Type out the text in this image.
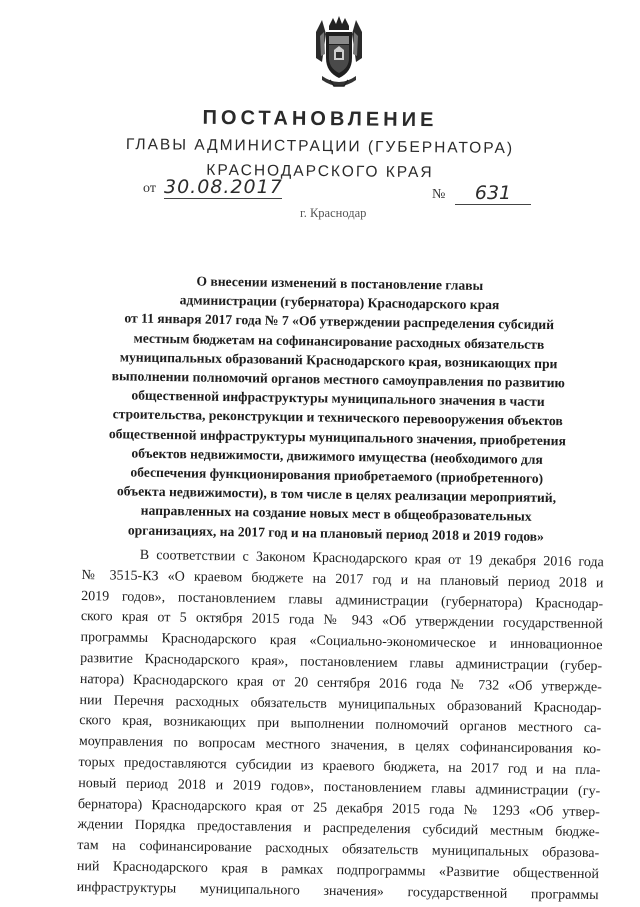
ПОСТАНОВЛЕНИЕ
ГЛАВЫ АДМИНИСТРАЦИИ (ГУБЕРНАТОРА)
КРАСНОДАРСКОГО КРАЯ
от 30.08.2017	№	631
г. Краснодар
О внесении изменений в постановление главы
администрации (губернатора) Краснодарского края
от 11 января 2017 года № 7 «Об утверждении распределения субсидий
местным бюджетам на софинансирование расходных обязательств
муниципальных образований Краснодарского края, возникающих при
выполнении полномочий органов местного самоуправления по развитию
общественной инфраструктуры муниципального значения в части
строительства, реконструкции и технического перевооружения объектов
общественной инфраструктуры муниципального значения, приобретения
объектов недвижимости, движимого имущества (необходимого для
обеспечения функционирования приобретаемого (приобретенного)
объекта недвижимости), в том числе в целях реализации мероприятий,
направленных на создание новых мест в общеобразовательных
организациях, на 2017 год и на плановый период 2018 и 2019 годов»
В соответствии с Законом Краснодарского края от 19 декабря 2016 года
№ 3515-КЗ «О краевом бюджете на 2017 год и на плановый период 2018 и
2019 годов», постановлением главы администрации (губернатора) Краснодар-
ского края от 5 октября 2015 года № 943 «Об утверждении государственной
программы Краснодарского края «Социально-экономическое и инновационное
развитие Краснодарского края», постановлением главы администрации (губер-
натора) Краснодарского края от 20 сентября 2016 года № 732 «Об утвержде-
нии Перечня расходных обязательств муниципальных образований Краснодар-
ского края, возникающих при выполнении полномочий органов местного са-
моуправления по вопросам местного значения, в целях софинансирования ко-
торых предоставляются субсидии из краевого бюджета, на 2017 год и на пла-
новый период 2018 и 2019 годов», постановлением главы администрации (гу-
бернатора) Краснодарского края от 25 декабря 2015 года № 1293 «Об утвер-
ждении Порядка предоставления и распределения субсидий местным бюдже-
там на софинансирование расходных обязательств муниципальных образова-
ний Краснодарского края в рамках подпрограммы «Развитие общественной
инфраструктуры муниципального значения» государственной программы
